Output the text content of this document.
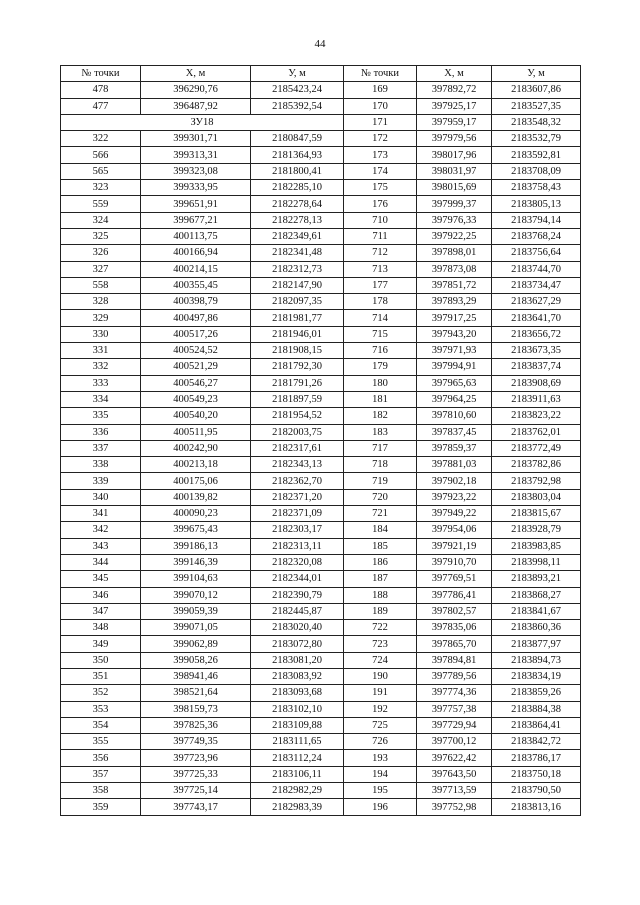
44
№ точки	Х, м	У, м	№ точки	Х, м	У, м
478	396290,76	2185423,24	169	397892,72	2183607,86
477	396487,92	2185392,54	170	397925,17	2183527,35
ЗУ18			171	397959,17	2183548,32
322	399301,71	2180847,59	172	397979,56	2183532,79
566	399313,31	2181364,93	173	398017,96	2183592,81
565	399323,08	2181800,41	174	398031,97	2183708,09
323	399333,95	2182285,10	175	398015,69	2183758,43
559	399651,91	2182278,64	176	397999,37	2183805,13
324	399677,21	2182278,13	710	397976,33	2183794,14
325	400113,75	2182349,61	711	397922,25	2183768,24
326	400166,94	2182341,48	712	397898,01	2183756,64
327	400214,15	2182312,73	713	397873,08	2183744,70
558	400355,45	2182147,90	177	397851,72	2183734,47
328	400398,79	2182097,35	178	397893,29	2183627,29
329	400497,86	2181981,77	714	397917,25	2183641,70
330	400517,26	2181946,01	715	397943,20	2183656,72
331	400524,52	2181908,15	716	397971,93	2183673,35
332	400521,29	2181792,30	179	397994,91	2183837,74
333	400546,27	2181791,26	180	397965,63	2183908,69
334	400549,23	2181897,59	181	397964,25	2183911,63
335	400540,20	2181954,52	182	397810,60	2183823,22
336	400511,95	2182003,75	183	397837,45	2183762,01
337	400242,90	2182317,61	717	397859,37	2183772,49
338	400213,18	2182343,13	718	397881,03	2183782,86
339	400175,06	2182362,70	719	397902,18	2183792,98
340	400139,82	2182371,20	720	397923,22	2183803,04
341	400090,23	2182371,09	721	397949,22	2183815,67
342	399675,43	2182303,17	184	397954,06	2183928,79
343	399186,13	2182313,11	185	397921,19	2183983,85
344	399146,39	2182320,08	186	397910,70	2183998,11
345	399104,63	2182344,01	187	397769,51	2183893,21
346	399070,12	2182390,79	188	397786,41	2183868,27
347	399059,39	2182445,87	189	397802,57	2183841,67
348	399071,05	2183020,40	722	397835,06	2183860,36
349	399062,89	2183072,80	723	397865,70	2183877,97
350	399058,26	2183081,20	724	397894,81	2183894,73
351	398941,46	2183083,92	190	397789,56	2183834,19
352	398521,64	2183093,68	191	397774,36	2183859,26
353	398159,73	2183102,10	192	397757,38	2183884,38
354	397825,36	2183109,88	725	397729,94	2183864,41
355	397749,35	2183111,65	726	397700,12	2183842,72
356	397723,96	2183112,24	193	397622,42	2183786,17
357	397725,33	2183106,11	194	397643,50	2183750,18
358	397725,14	2182982,29	195	397713,59	2183790,50
359	397743,17	2182983,39	196	397752,98	2183813,16
